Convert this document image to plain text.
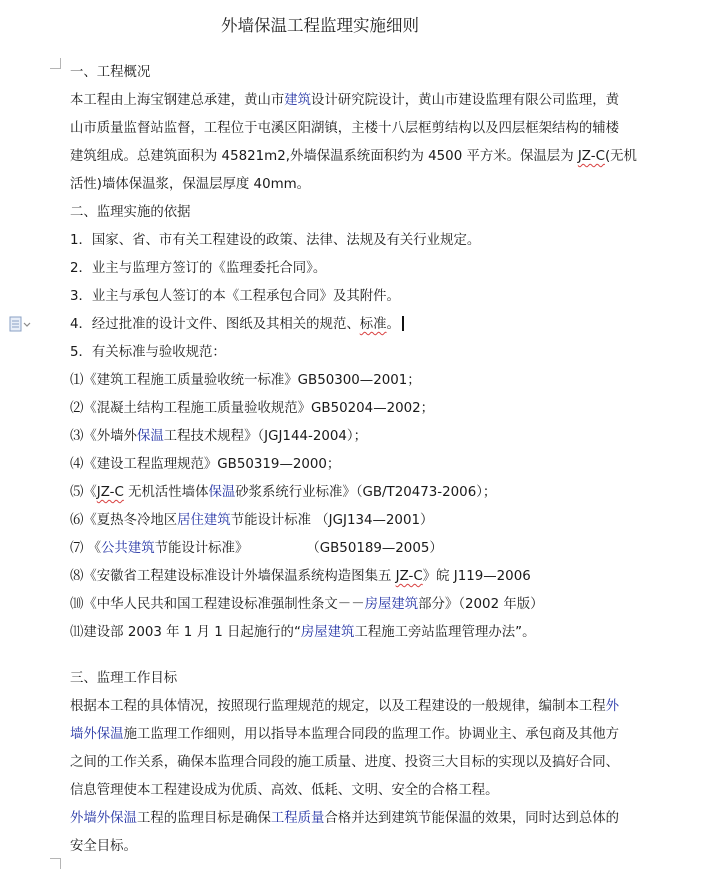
外墙保温工程监理实施细则
一、工程概况
本工程由上海宝钢建总承建，黄山市建筑设计研究院设计，黄山市建设监理有限公司监理，黄
山市质量监督站监督，工程位于屯溪区阳湖镇，主楼十八层框剪结构以及四层框架结构的辅楼
建筑组成。总建筑面积为 45821m2,外墙保温系统面积约为 4500 平方米。保温层为 JZ-C(无机
活性)墙体保温浆，保温层厚度 40mm。
二、监理实施的依据
1．国家、省、市有关工程建设的政策、法律、法规及有关行业规定。
2．业主与监理方签订的《监理委托合同》。
3．业主与承包人签订的本《工程承包合同》及其附件。
4．经过批准的设计文件、图纸及其相关的规范、标准。
5．有关标准与验收规范：
⑴《建筑工程施工质量验收统一标准》GB50300—2001；
⑵《混凝土结构工程施工质量验收规范》GB50204—2002；
⑶《外墙外保温工程技术规程》（JGJ144-2004）；
⑷《建设工程监理规范》GB50319—2000；
⑸《JZ-C 无机活性墙体保温砂浆系统行业标准》（GB/T20473-2006）；
⑹《夏热冬冷地区居住建筑节能设计标准 （JGJ134—2001）
⑺ 《公共建筑节能设计标准》	（GB50189—2005）
⑻《安徽省工程建设标准设计外墙保温系统构造图集五 JZ-C》皖 J119—2006
⑽《中华人民共和国工程建设标准强制性条文－－房屋建筑部分》（2002 年版）
⑾建设部 2003 年 1 月 1 日起施行的“房屋建筑工程施工旁站监理管理办法”。
三、监理工作目标
根据本工程的具体情况，按照现行监理规范的规定，以及工程建设的一般规律，编制本工程外
墙外保温施工监理工作细则，用以指导本监理合同段的监理工作。协调业主、承包商及其他方
之间的工作关系，确保本监理合同段的施工质量、进度、投资三大目标的实现以及搞好合同、
信息管理使本工程建设成为优质、高效、低耗、文明、安全的合格工程。
外墙外保温工程的监理目标是确保工程质量合格并达到建筑节能保温的效果，同时达到总体的
安全目标。
